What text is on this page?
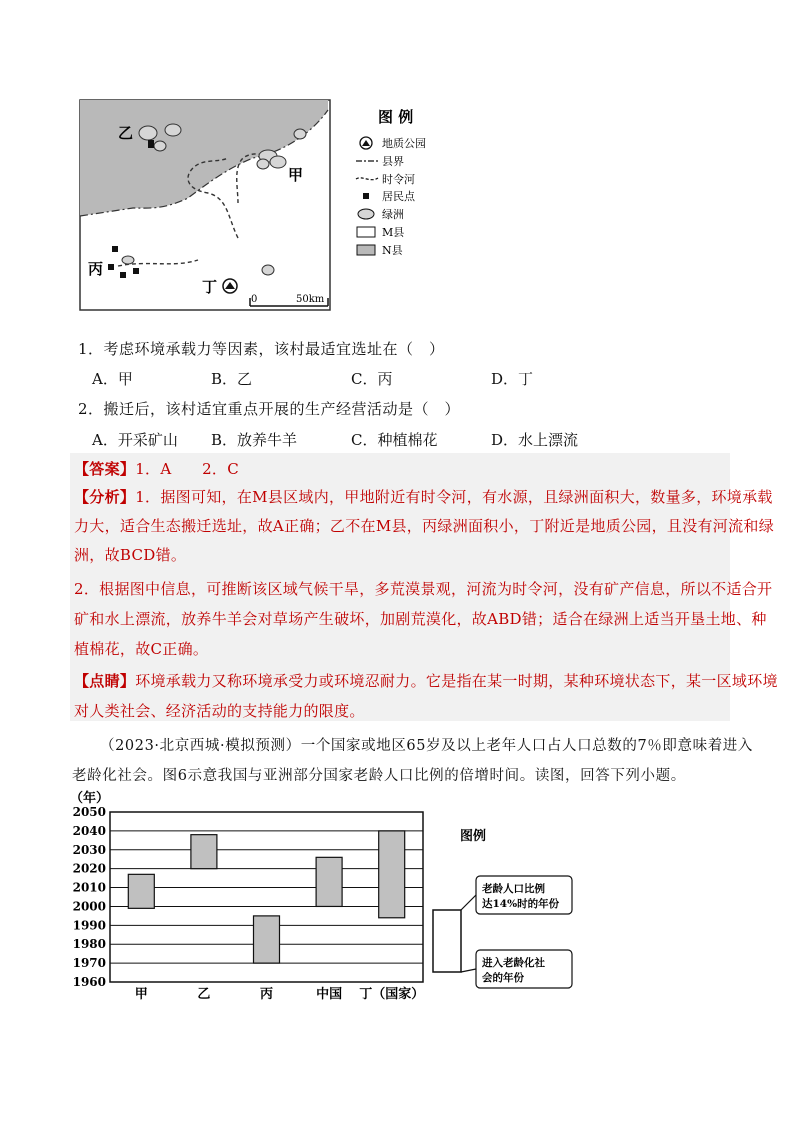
乙
甲
丙
丁
0	50km
图 例
地质公园
县界
时令河
居民点
绿洲
M县
N县
1．考虑环境承载力等因素，该村最适宜选址在（　）
A．甲	B．乙	C．丙	D．丁
2．搬迁后，该村适宜重点开展的生产经营活动是（　）
A．开采矿山 B．放养牛羊	C．种植棉花	D．水上漂流
【答案】1．A　　2．C
【分析】1．据图可知，在M县区域内，甲地附近有时令河，有水源，且绿洲面积大，数量多，环境承载
力大，适合生态搬迁选址，故A正确；乙不在M县，丙绿洲面积小，丁附近是地质公园，且没有河流和绿
洲，故BCD错。
2．根据图中信息，可推断该区域气候干旱，多荒漠景观，河流为时令河，没有矿产信息，所以不适合开
矿和水上漂流，放养牛羊会对草场产生破坏，加剧荒漠化，故ABD错；适合在绿洲上适当开垦土地、种
植棉花，故C正确。
【点睛】环境承载力又称环境承受力或环境忍耐力。它是指在某一时期，某种环境状态下，某一区域环境
对人类社会、经济活动的支持能力的限度。
（2023·北京西城·模拟预测）一个国家或地区65岁及以上老年人口占人口总数的7％即意味着进入
老龄化社会。图6示意我国与亚洲部分国家老龄人口比例的倍增时间。读图，回答下列小题。
1960
1970
1980
1990
2000
2010
2020
2030
2040
2050
甲	乙	丙	中国 丁（国家）
（年）
图例
老龄人口比例
达14%时的年份
进入老龄化社
会的年份
